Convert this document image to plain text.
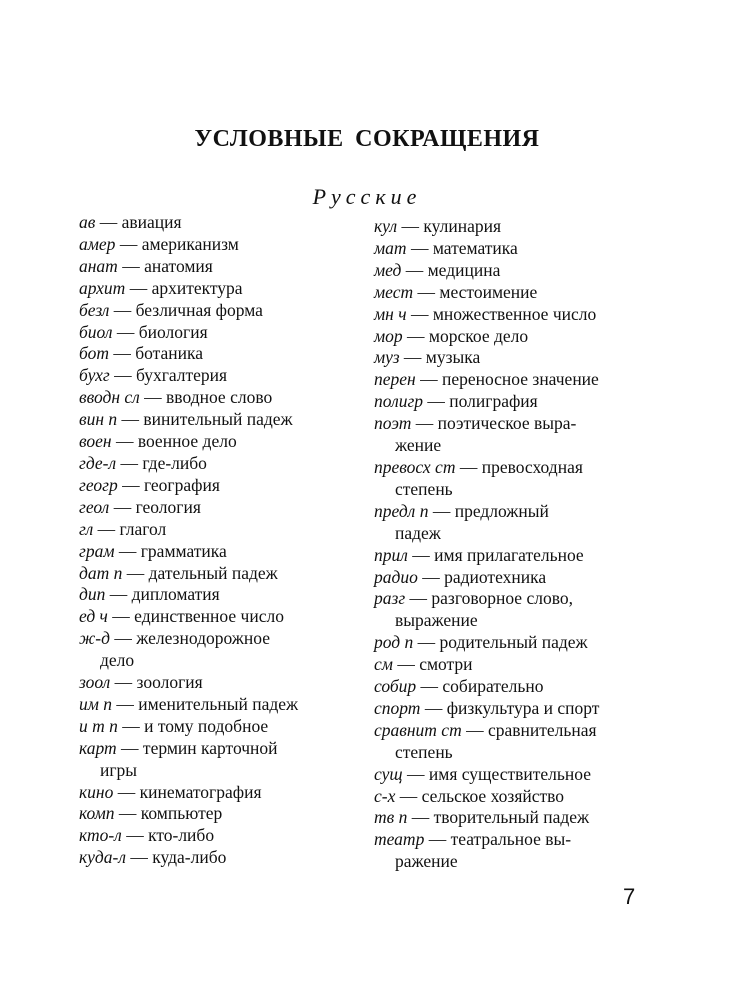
УСЛОВНЫЕ СОКРАЩЕНИЯ
Русские
ав — авиация
амер — американизм
анат — анатомия
архит — архитектура
безл — безличная форма
биол — биология
бот — ботаника
бухг — бухгалтерия
вводн сл — вводное слово
вин п — винительный падеж
воен — военное дело
где-л — где-либо
геогр — география
геол — геология
гл — глагол
грам — грамматика
дат п — дательный падеж
дип — дипломатия
ед ч — единственное число
ж-д — железнодорожное
дело
зоол — зоология
им п — именительный падеж
и т п — и тому подобное
карт — термин карточной
игры
кино — кинематография
комп — компьютер
кто-л — кто-либо
куда-л — куда-либо
кул — кулинария
мат — математика
мед — медицина
мест — местоимение
мн ч — множественное число
мор — морское дело
муз — музыка
перен — переносное значение
полигр — полиграфия
поэт — поэтическое выра-
жение
превосх ст — превосходная
степень
предл п — предложный
падеж
прил — имя прилагательное
радио — радиотехника
разг — разговорное слово,
выражение
род п — родительный падеж
см — смотри
собир — собирательно
спорт — физкультура и спорт
сравнит ст — сравнительная
степень
сущ — имя существительное
с-х — сельское хозяйство
тв п — творительный падеж
театр — театральное вы-
ражение
7
